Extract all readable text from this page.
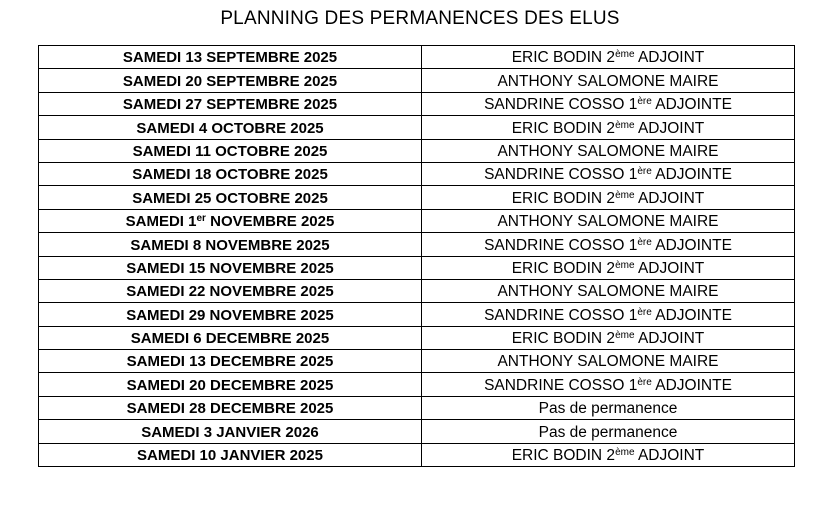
PLANNING DES PERMANENCES DES ELUS
SAMEDI 13 SEPTEMBRE 2025	ERIC BODIN 2ème ADJOINT
SAMEDI 20 SEPTEMBRE 2025	ANTHONY SALOMONE MAIRE
SAMEDI 27 SEPTEMBRE 2025	SANDRINE COSSO 1ère ADJOINTE
SAMEDI 4 OCTOBRE 2025	ERIC BODIN 2ème ADJOINT
SAMEDI 11 OCTOBRE 2025	ANTHONY SALOMONE MAIRE
SAMEDI 18 OCTOBRE 2025	SANDRINE COSSO 1ère ADJOINTE
SAMEDI 25 OCTOBRE 2025	ERIC BODIN 2ème ADJOINT
SAMEDI 1er NOVEMBRE 2025	ANTHONY SALOMONE MAIRE
SAMEDI 8 NOVEMBRE 2025	SANDRINE COSSO 1ère ADJOINTE
SAMEDI 15 NOVEMBRE 2025	ERIC BODIN 2ème ADJOINT
SAMEDI 22 NOVEMBRE 2025	ANTHONY SALOMONE MAIRE
SAMEDI 29 NOVEMBRE 2025	SANDRINE COSSO 1ère ADJOINTE
SAMEDI 6 DECEMBRE 2025	ERIC BODIN 2ème ADJOINT
SAMEDI 13 DECEMBRE 2025	ANTHONY SALOMONE MAIRE
SAMEDI 20 DECEMBRE 2025	SANDRINE COSSO 1ère ADJOINTE
SAMEDI 28 DECEMBRE 2025	Pas de permanence
SAMEDI 3 JANVIER 2026	Pas de permanence
SAMEDI 10 JANVIER 2025	ERIC BODIN 2ème ADJOINT
